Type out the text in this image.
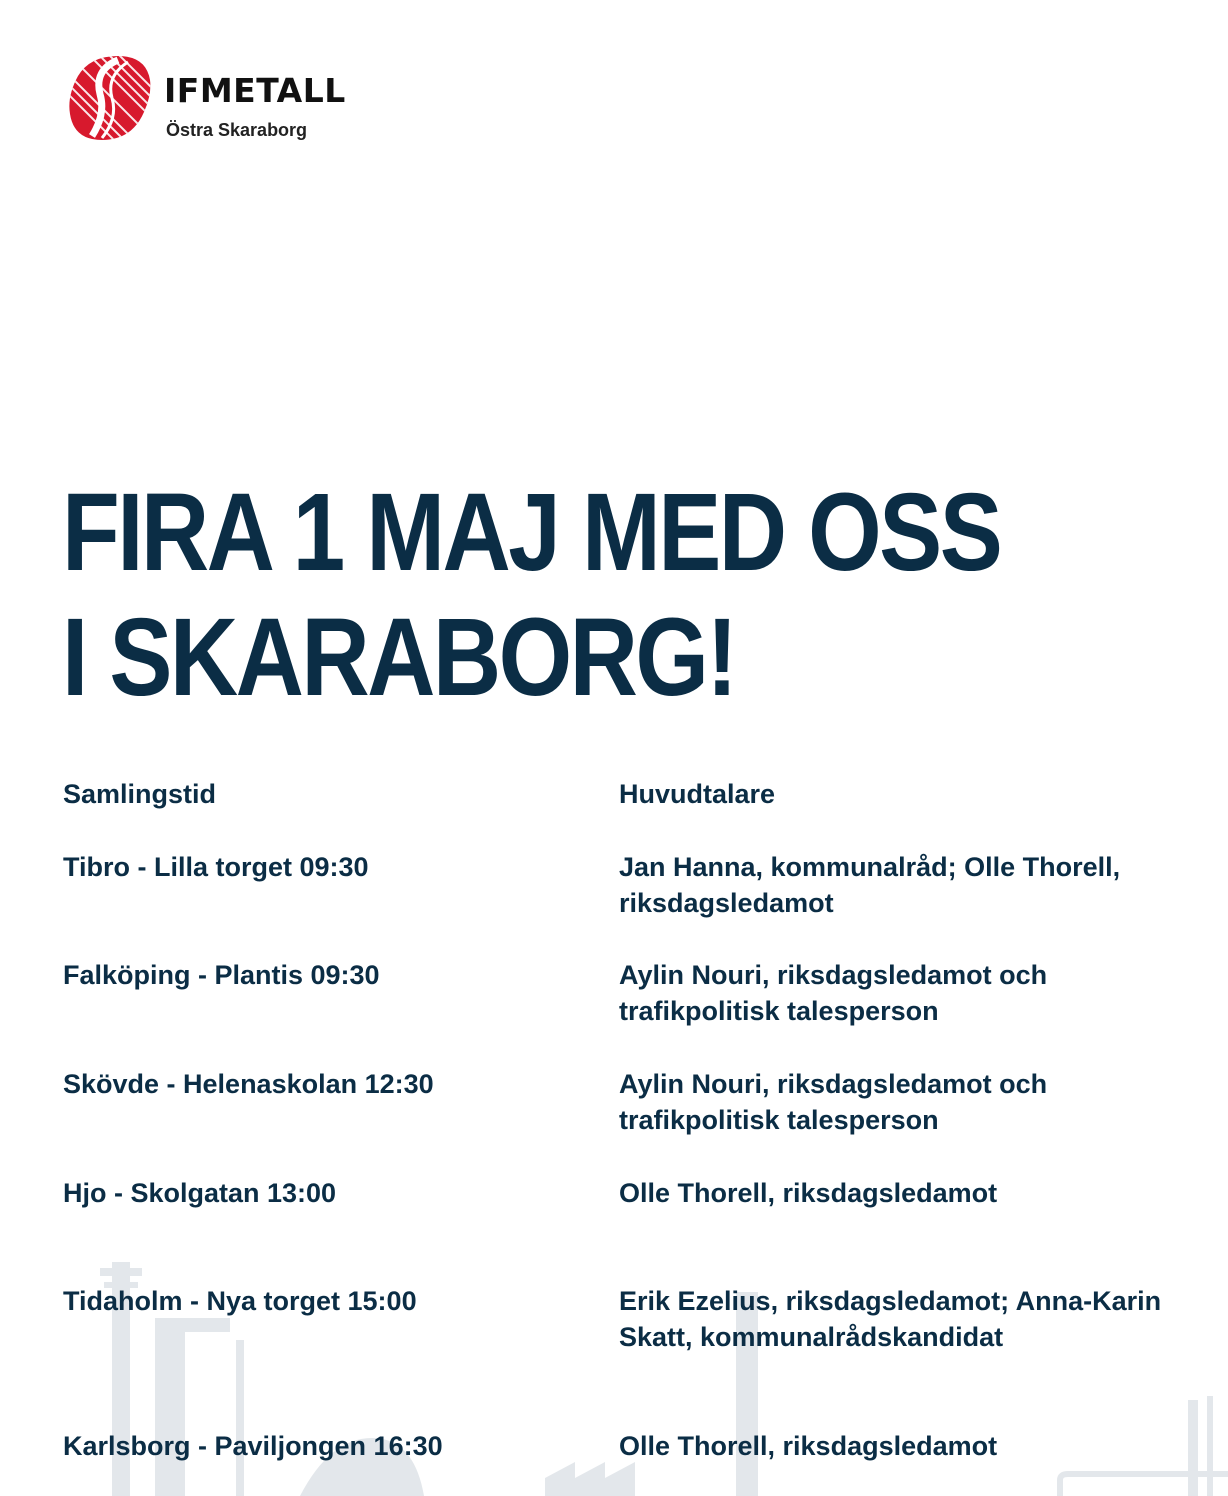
IFMETALL
Östra Skaraborg
FIRA 1 MAJ MED OSS I SKARABORG!
Samlingstid	Huvudtalare
Tibro - Lilla torget 09:30	Jan Hanna, kommunalråd; Olle Thorell, riksdagsledamot
Falköping - Plantis 09:30	Aylin Nouri, riksdagsledamot och trafikpolitisk talesperson
Skövde - Helenaskolan 12:30	Aylin Nouri, riksdagsledamot och trafikpolitisk talesperson
Hjo - Skolgatan 13:00	Olle Thorell, riksdagsledamot
Tidaholm - Nya torget 15:00	Erik Ezelius, riksdagsledamot; Anna-Karin Skatt, kommunalrådskandidat
Karlsborg - Paviljongen 16:30	Olle Thorell, riksdagsledamot
